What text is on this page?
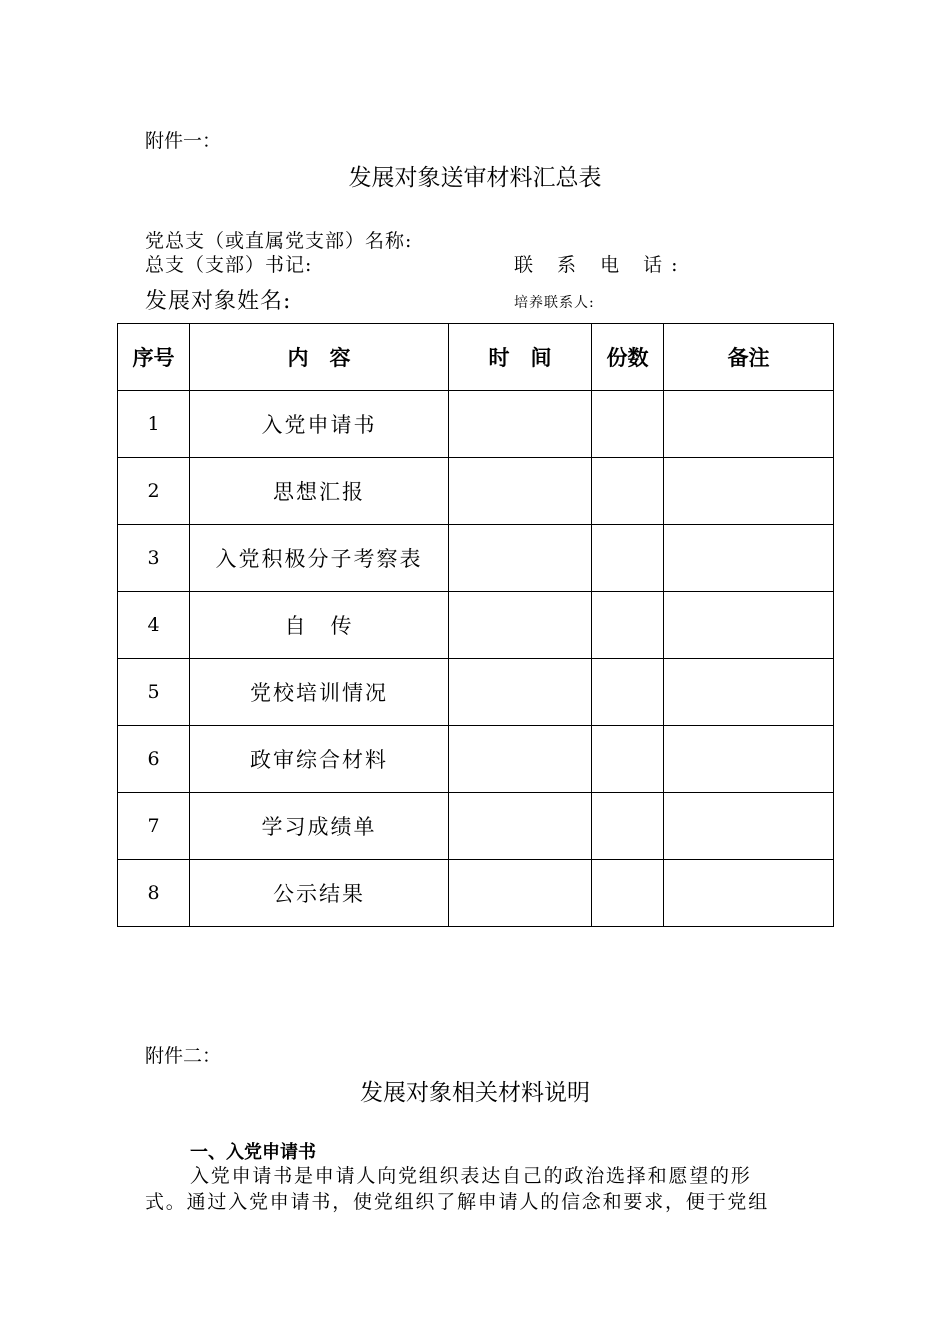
附件一：
发展对象送审材料汇总表
党总支（或直属党支部）名称:
总支（支部）书记:	联 系 电 话:
发展对象姓名:	培养联系人:
序号	内　容	时　间	份数	备注
1	入党申请书			
2	思想汇报			
3	入党积极分子考察表			
4	自　传			
5	党校培训情况			
6	政审综合材料			
7	学习成绩单			
8	公示结果			
附件二：
发展对象相关材料说明
一、入党申请书
入党申请书是申请人向党组织表达自己的政治选择和愿望的形
式。通过入党申请书，使党组织了解申请人的信念和要求，便于党组
